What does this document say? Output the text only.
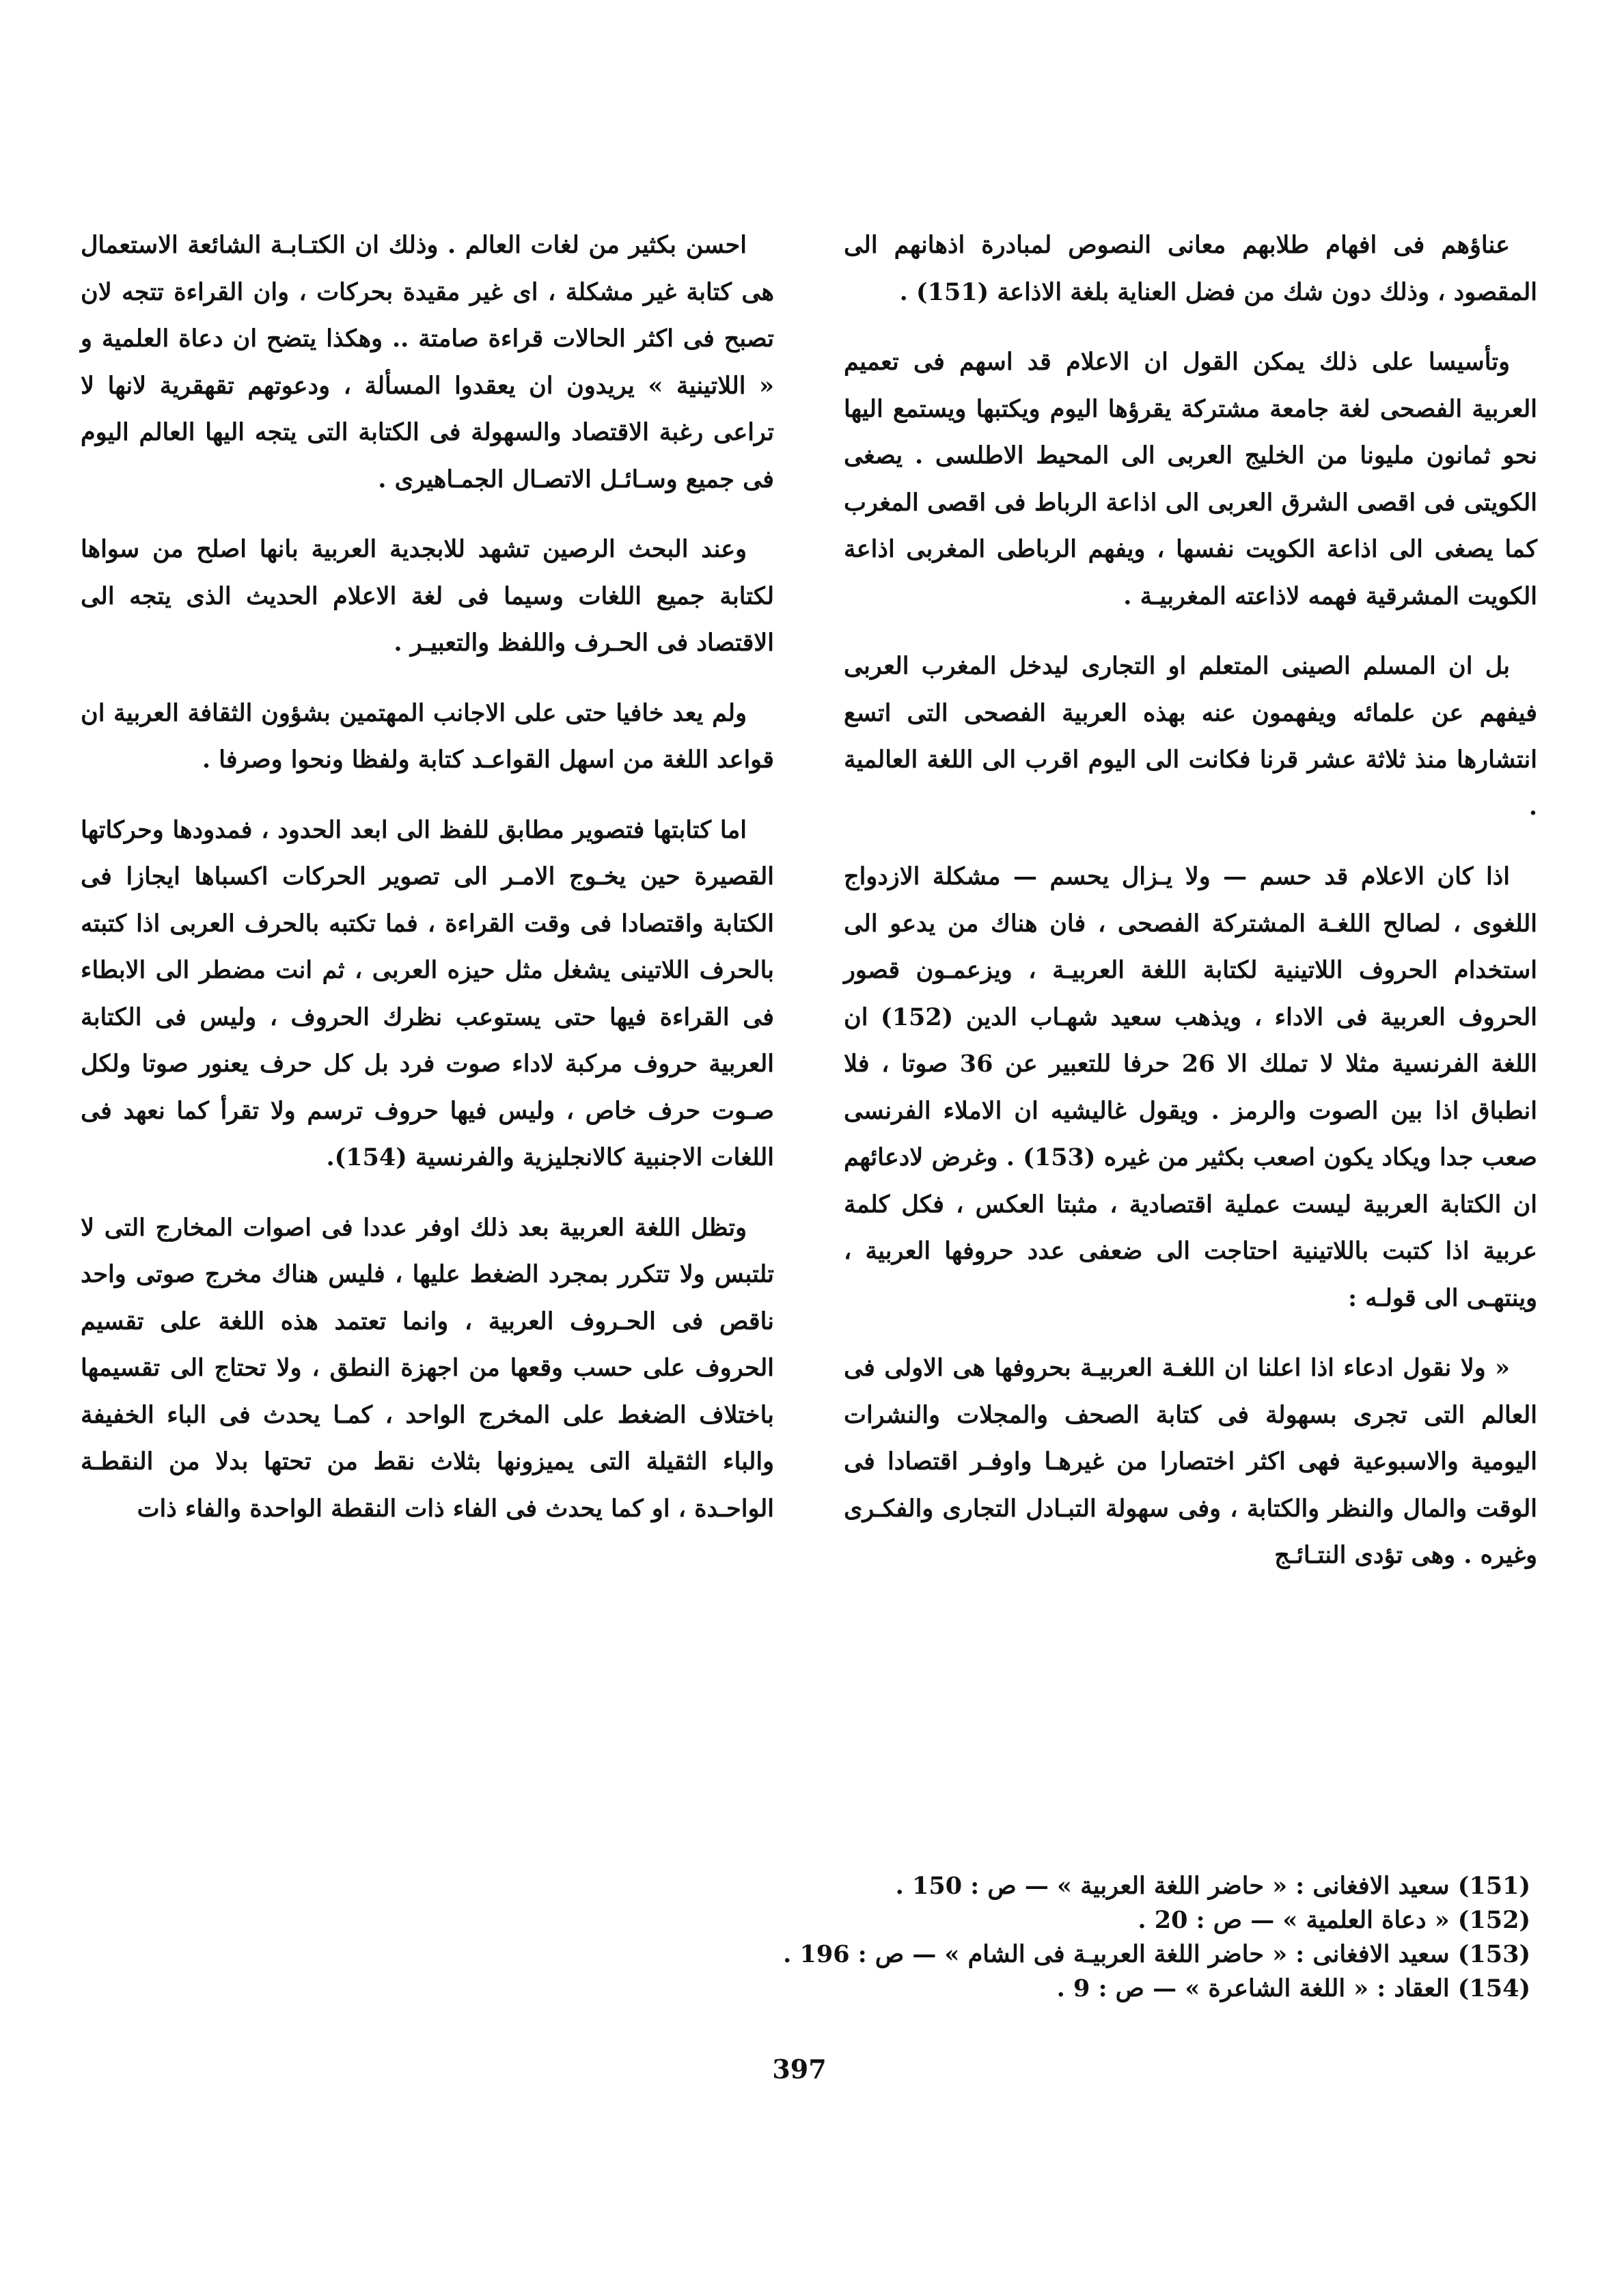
عناؤهم فى افهام طلابهم معانى النصوص لمبادرة اذهانهم الى المقصود ، وذلك دون شك من فضل العناية بلغة الاذاعة (151) .

وتأسيسا على ذلك يمكن القول ان الاعلام قد اسهم فى تعميم العربية الفصحى لغة جامعة مشتركة يقرؤها اليوم ويكتبها ويستمع اليها نحو ثمانون مليونا من الخليج العربى الى المحيط الاطلسى . يصغى الكويتى فى اقصى الشرق العربى الى اذاعة الرباط فى اقصى المغرب كما يصغى الى اذاعة الكويت نفسها ، ويفهم الرباطى المغربى اذاعة الكويت المشرقية فهمه لاذاعته المغربيـة .

بل ان المسلم الصينى المتعلم او التجارى ليدخل المغرب العربى فيفهم عن علمائه ويفهمون عنه بهذه العربية الفصحى التى اتسع انتشارها منذ ثلاثة عشر قرنا فكانت الى اليوم اقرب الى اللغة العالمية .

اذا كان الاعلام قد حسم — ولا يـزال يحسم — مشكلة الازدواج اللغوى ، لصالح اللغـة المشتركة الفصحى ، فان هناك من يدعو الى استخدام الحروف اللاتينية لكتابة اللغة العربيـة ، ويزعمـون قصور الحروف العربية فى الاداء ، ويذهب سعيد شهـاب الدين (152) ان اللغة الفرنسية مثلا لا تملك الا 26 حرفا للتعبير عن 36 صوتا ، فلا انطباق اذا بين الصوت والرمز . ويقول غاليشيه ان الاملاء الفرنسى صعب جدا ويكاد يكون اصعب بكثير من غيره (153) . وغرض لادعائهم ان الكتابة العربية ليست عملية اقتصادية ، مثبتا العكس ، فكل كلمة عربية اذا كتبت باللاتينية احتاجت الى ضعفى عدد حروفها العربية ، وينتهـى الى قولـه :

« ولا نقول ادعاء اذا اعلنا ان اللغـة العربيـة بحروفها هى الاولى فى العالم التى تجرى بسهولة فى كتابة الصحف والمجلات والنشرات اليومية والاسبوعية فهى اكثر اختصارا من غيرهـا واوفـر اقتصادا فى الوقت والمال والنظر والكتابة ، وفى سهولة التبـادل التجارى والفكـرى وغيره . وهى تؤدى النتـائـج

احسن بكثير من لغات العالم . وذلك ان الكتـابـة الشائعة الاستعمال هى كتابة غير مشكلة ، اى غير مقيدة بحركات ، وان القراءة تتجه لان تصبح فى اكثر الحالات قراءة صامتة .. وهكذا يتضح ان دعاة العلمية و « اللاتينية » يريدون ان يعقدوا المسألة ، ودعوتهم تقهقرية لانها لا تراعى رغبة الاقتصاد والسهولة فى الكتابة التى يتجه اليها العالم اليوم فى جميع وسـائـل الاتصـال الجمـاهيرى .

وعند البحث الرصين تشهد للابجدية العربية بانها اصلح من سواها لكتابة جميع اللغات وسيما فى لغة الاعلام الحديث الذى يتجه الى الاقتصاد فى الحـرف واللفظ والتعبيـر .

ولم يعد خافيا حتى على الاجانب المهتمين بشؤون الثقافة العربية ان قواعد اللغة من اسهل القواعـد كتابة ولفظا ونحوا وصرفا .

اما كتابتها فتصوير مطابق للفظ الى ابعد الحدود ، فمدودها وحركاتها القصيرة حين يخـوج الامـر الى تصوير الحركات اكسباها ايجازا فى الكتابة واقتصادا فى وقت القراءة ، فما تكتبه بالحرف العربى اذا كتبته بالحرف اللاتينى يشغل مثل حيزه العربى ، ثم انت مضطر الى الابطاء فى القراءة فيها حتى يستوعب نظرك الحروف ، وليس فى الكتابة العربية حروف مركبة لاداء صوت فرد بل كل حرف يعنور صوتا ولكل صـوت حرف خاص ، وليس فيها حروف ترسم ولا تقرأ كما نعهد فى اللغات الاجنبية كالانجليزية والفرنسية (154).

وتظل اللغة العربية بعد ذلك اوفر عددا فى اصوات المخارج التى لا تلتبس ولا تتكرر بمجرد الضغط عليها ، فليس هناك مخرج صوتى واحد ناقص فى الحـروف العربية ، وانما تعتمد هذه اللغة على تقسيم الحروف على حسب وقعها من اجهزة النطق ، ولا تحتاج الى تقسيمها باختلاف الضغط على المخرج الواحد ، كمـا يحدث فى الباء الخفيفة والباء الثقيلة التى يميزونها بثلاث نقط من تحتها بدلا من النقطـة الواحـدة ، او كما يحدث فى الفاء ذات النقطة الواحدة والفاء ذات

(151) سعيد الافغانى : « حاضر اللغة العربية » — ص : 150 .
(152) « دعاة العلمية » — ص : 20 .
(153) سعيد الافغانى : « حاضر اللغة العربيـة فى الشام » — ص : 196 .
(154) العقاد : « اللغة الشاعرة » — ص : 9 .
397
